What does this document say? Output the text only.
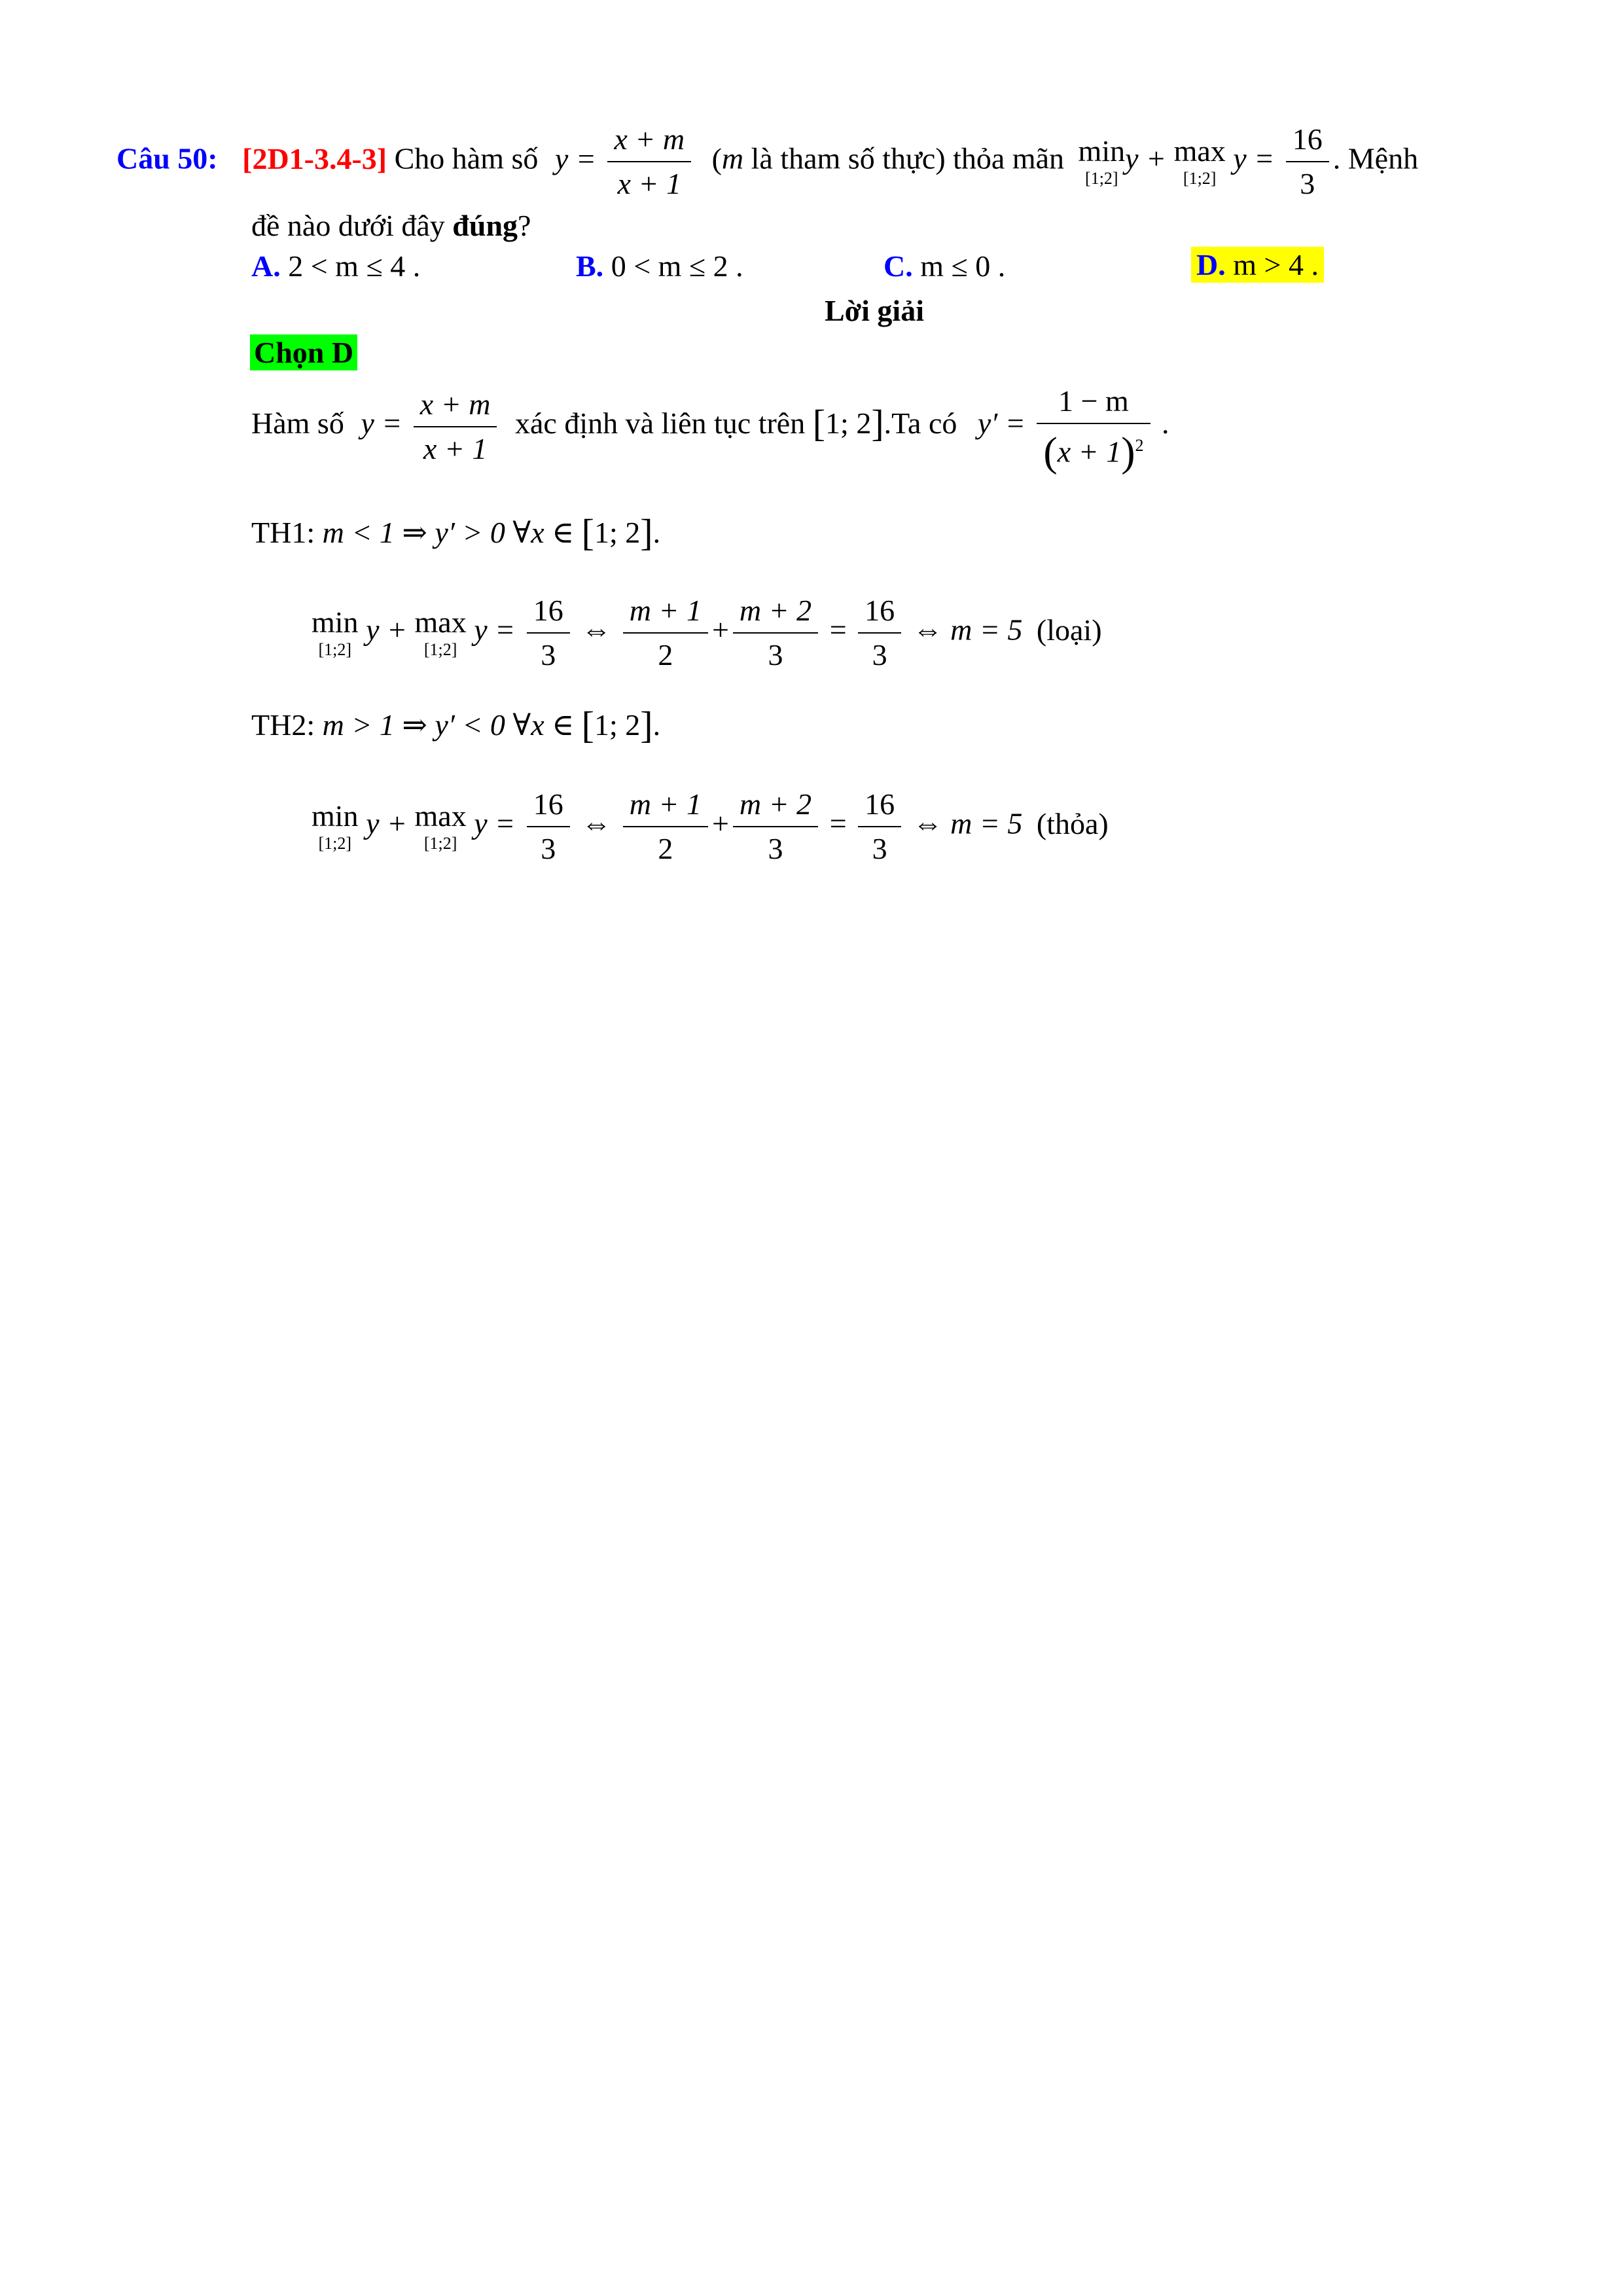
Câu 50: [2D1-3.4-3] Cho hàm số $y = \frac{x + m}{x + 1} (m$ là tham số thực) thỏa mãn min
[1;2]
y + max
[1;2]
$y = \frac{16}{3}$ . Mệnh
đề nào dưới đây đúng?
A. 2 < m ≤ 4 .	B. 0 < m ≤ 2 .	C. m ≤ 0 .	D. m > 4 .
Lời giải
Chọn D
Hàm số $y = \frac{x + m}{x + 1}$ xác định và liên tục trên [1; 2].Ta có $y' = \frac{1 - m}{(x + 1)^2}$ .
TH1: m < 1 ⇒ y′ > 0 ∀x ∈ [1; 2].
min
[1;2]
y + max
[1;2]
$y = \frac{16}{3}$ ⇔ $\frac{m + 1}{2} + \frac{m + 2}{3} = \frac{16}{3}$ ⇔ m = 5 (loại)
TH2: m > 1 ⇒ y′ < 0 ∀x ∈ [1; 2].
min
[1;2]
y + max
[1;2]
$y = \frac{16}{3}$ ⇔ $\frac{m + 1}{2} + \frac{m + 2}{3} = \frac{16}{3}$ ⇔ m = 5 (thỏa)
